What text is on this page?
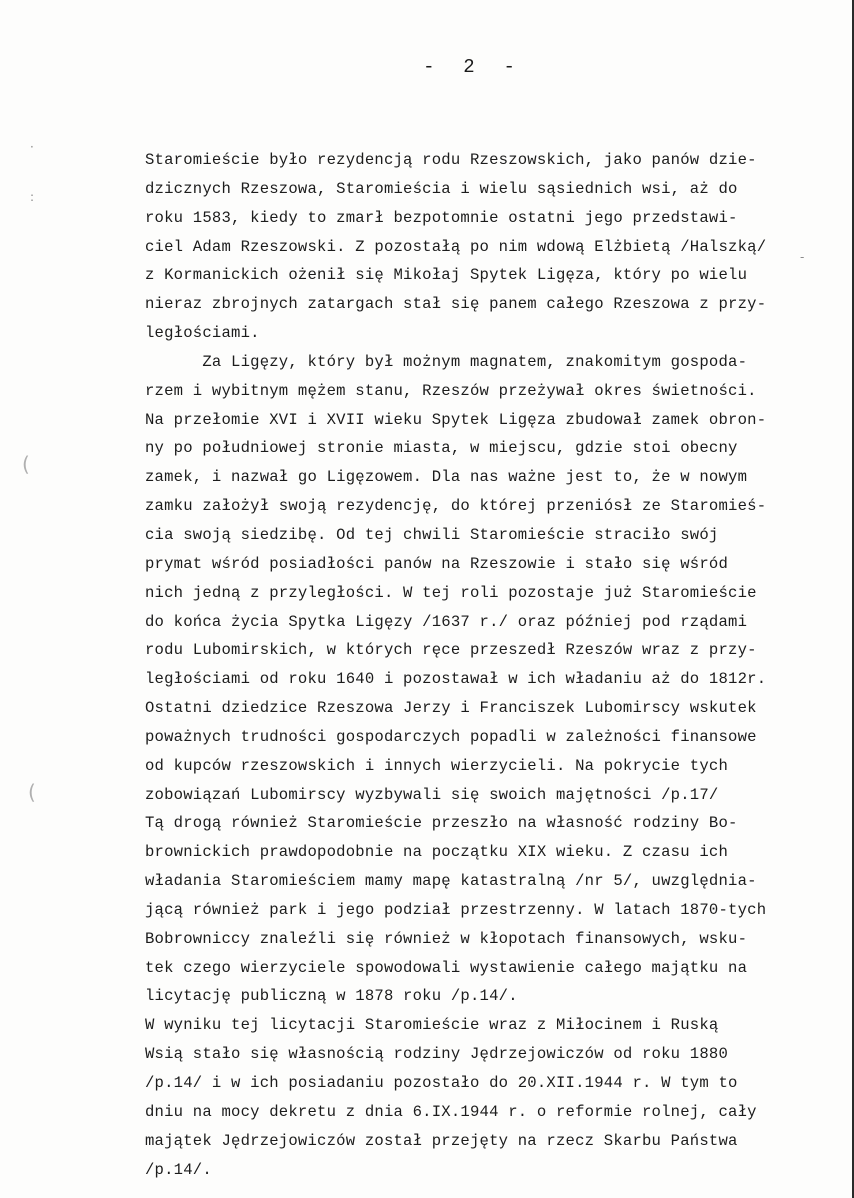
-  2  -
·
:
(
(
-
Staromieście było rezydencją rodu Rzeszowskich, jako panów dzie-
dzicznych Rzeszowa, Staromieścia i wielu sąsiednich wsi, aż do
roku 1583, kiedy to zmarł bezpotomnie ostatni jego przedstawi-
ciel Adam Rzeszowski. Z pozostałą po nim wdową Elżbietą /Halszką/
z Kormanickich ożenił się Mikołaj Spytek Ligęza, który po wielu
nieraz zbrojnych zatargach stał się panem całego Rzeszowa z przy-
ległościami.
Za Ligęzy, który był możnym magnatem, znakomitym gospoda-
rzem i wybitnym mężem stanu, Rzeszów przeżywał okres świetności.
Na przełomie XVI i XVII wieku Spytek Ligęza zbudował zamek obron-
ny po południowej stronie miasta, w miejscu, gdzie stoi obecny
zamek, i nazwał go Ligęzowem. Dla nas ważne jest to, że w nowym
zamku założył swoją rezydencję, do której przeniósł ze Staromieś-
cia swoją siedzibę. Od tej chwili Staromieście straciło swój
prymat wśród posiadłości panów na Rzeszowie i stało się wśród
nich jedną z przyległości. W tej roli pozostaje już Staromieście
do końca życia Spytka Ligęzy /1637 r./ oraz później pod rządami
rodu Lubomirskich, w których ręce przeszedł Rzeszów wraz z przy-
ległościami od roku 1640 i pozostawał w ich władaniu aż do 1812r.
Ostatni dziedzice Rzeszowa Jerzy i Franciszek Lubomirscy wskutek
poważnych trudności gospodarczych popadli w zależności finansowe
od kupców rzeszowskich i innych wierzycieli. Na pokrycie tych
zobowiązań Lubomirscy wyzbywali się swoich majętności /p.17/
Tą drogą również Staromieście przeszło na własność rodziny Bo-
brownickich prawdopodobnie na początku XIX wieku. Z czasu ich
władania Staromieściem mamy mapę katastralną /nr 5/, uwzględnia-
jącą również park i jego podział przestrzenny. W latach 1870-tych
Bobrowniccy znaleźli się również w kłopotach finansowych, wsku-
tek czego wierzyciele spowodowali wystawienie całego majątku na
licytację publiczną w 1878 roku /p.14/.
W wyniku tej licytacji Staromieście wraz z Miłocinem i Ruską
Wsią stało się własnością rodziny Jędrzejowiczów od roku 1880
/p.14/ i w ich posiadaniu pozostało do 20.XII.1944 r. W tym to
dniu na mocy dekretu z dnia 6.IX.1944 r. o reformie rolnej, cały
majątek Jędrzejowiczów został przejęty na rzecz Skarbu Państwa
/p.14/.
